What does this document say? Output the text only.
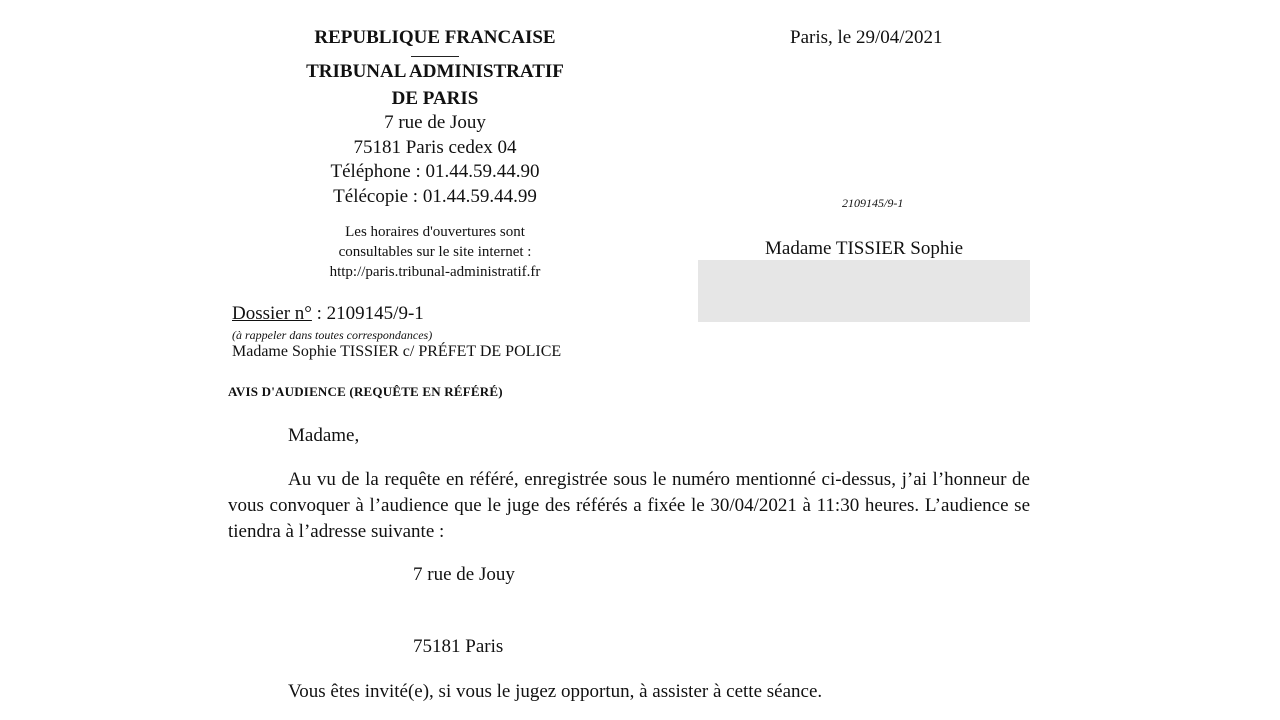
REPUBLIQUE FRANCAISE
TRIBUNAL ADMINISTRATIF
DE PARIS
7 rue de Jouy
75181 Paris cedex 04
Téléphone : 01.44.59.44.90
Télécopie : 01.44.59.44.99
Les horaires d'ouvertures sont
consultables sur le site internet :
http://paris.tribunal-administratif.fr
Paris, le 29/04/2021
2109145/9-1
Madame TISSIER Sophie
Dossier n° : 2109145/9-1
(à rappeler dans toutes correspondances)
Madame Sophie TISSIER c/ PRÉFET DE POLICE
AVIS D'AUDIENCE (REQUÊTE EN RÉFÉRÉ)
Madame,
Au vu de la requête en référé, enregistrée sous le numéro mentionné ci-dessus, j’ai l’honneur de vous convoquer à l’audience que le juge des référés a fixée le 30/04/2021 à 11:30 heures. L’audience se tiendra à l’adresse suivante :
7 rue de Jouy
75181 Paris
Vous êtes invité(e), si vous le jugez opportun, à assister à cette séance.
